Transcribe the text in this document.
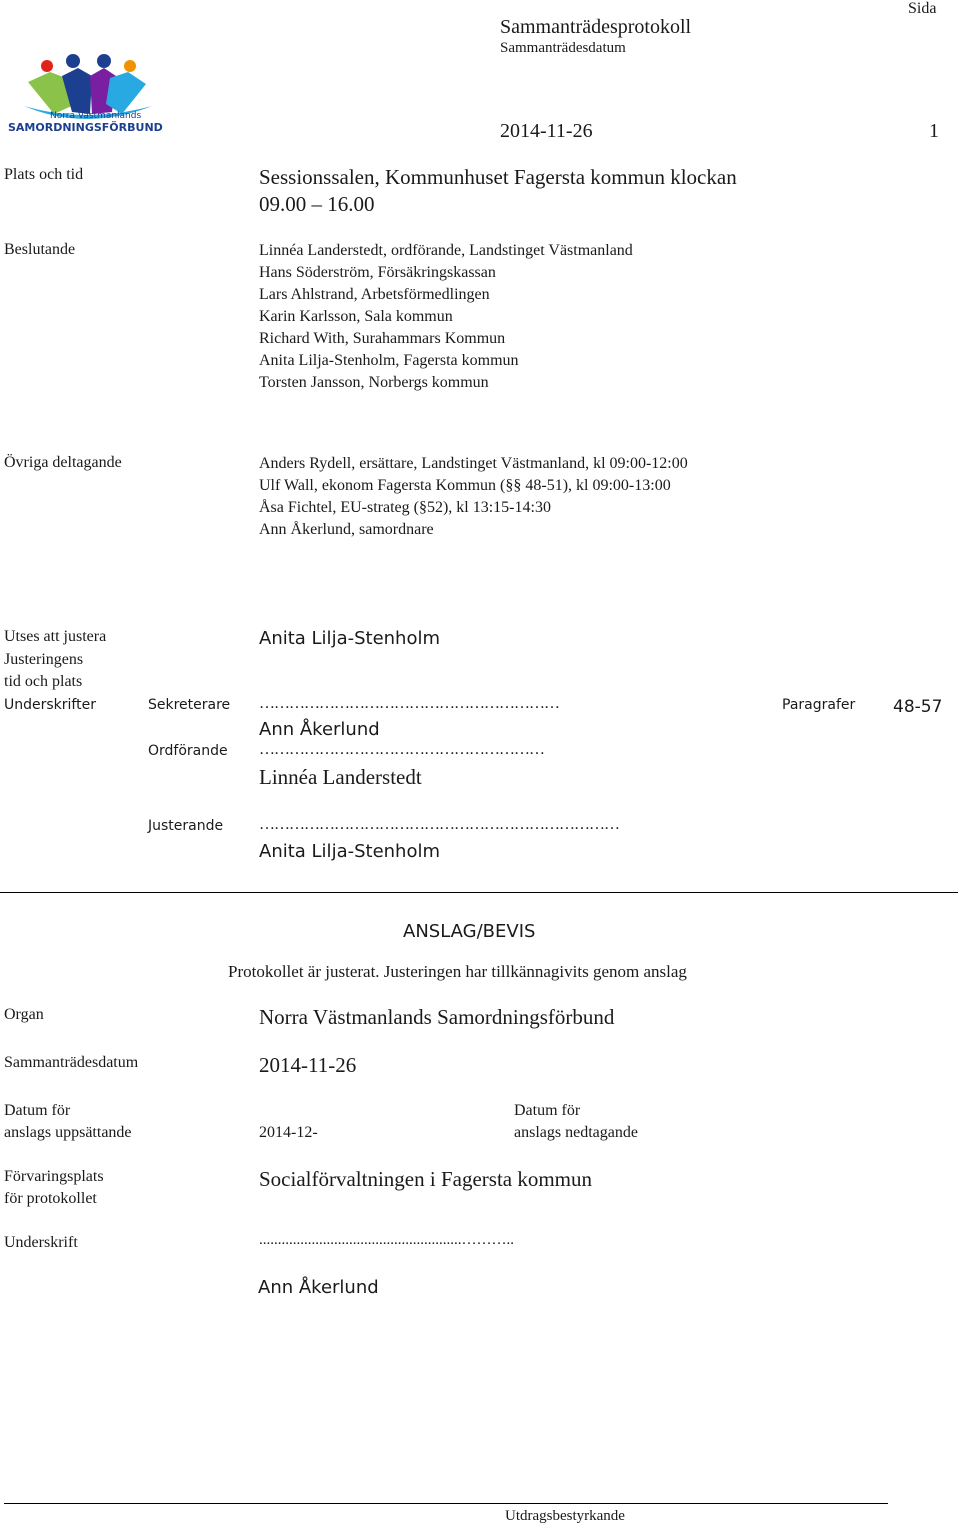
Norra Västmanlands
SAMORDNINGSFÖRBUND
Sammanträdesprotokoll
Sammanträdesdatum
Sida
2014-11-26	1
Plats och tid	Sessionssalen, Kommunhuset Fagersta kommun klockan
09.00 – 16.00
Beslutande	Linnéa Landerstedt, ordförande, Landstinget Västmanland
Hans Söderström, Försäkringskassan
Lars Ahlstrand, Arbetsförmedlingen
Karin Karlsson, Sala kommun
Richard With, Surahammars Kommun
Anita Lilja-Stenholm, Fagersta kommun
Torsten Jansson, Norbergs kommun
Övriga deltagande	Anders Rydell, ersättare, Landstinget Västmanland, kl 09:00-12:00
Ulf Wall, ekonom Fagersta Kommun (§§ 48-51), kl 09:00-13:00
Åsa Fichtel, EU-strateg (§52), kl 13:15-14:30
Ann Åkerlund, samordnare
Utses att justera	Anita Lilja-Stenholm
Justeringens
tid och plats
Underskrifter	Sekreterare ……………………………………………………	Paragrafer 48-57
Ann Åkerlund
Ordförande …………………………………………………
Linnéa Landerstedt
Justerande ………………………………………………………………
Anita Lilja-Stenholm
ANSLAG/BEVIS
Protokollet är justerat. Justeringen har tillkännagivits genom anslag
Organ	Norra Västmanlands Samordningsförbund
Sammanträdesdatum	2014-11-26
Datum för
anslags uppsättande	2014-12-
Datum för
anslags nedtagande
Förvaringsplats
för protokollet
Socialförvaltningen i Fagersta kommun
Underskrift	......................................................………..
Ann Åkerlund
Utdragsbestyrkande
